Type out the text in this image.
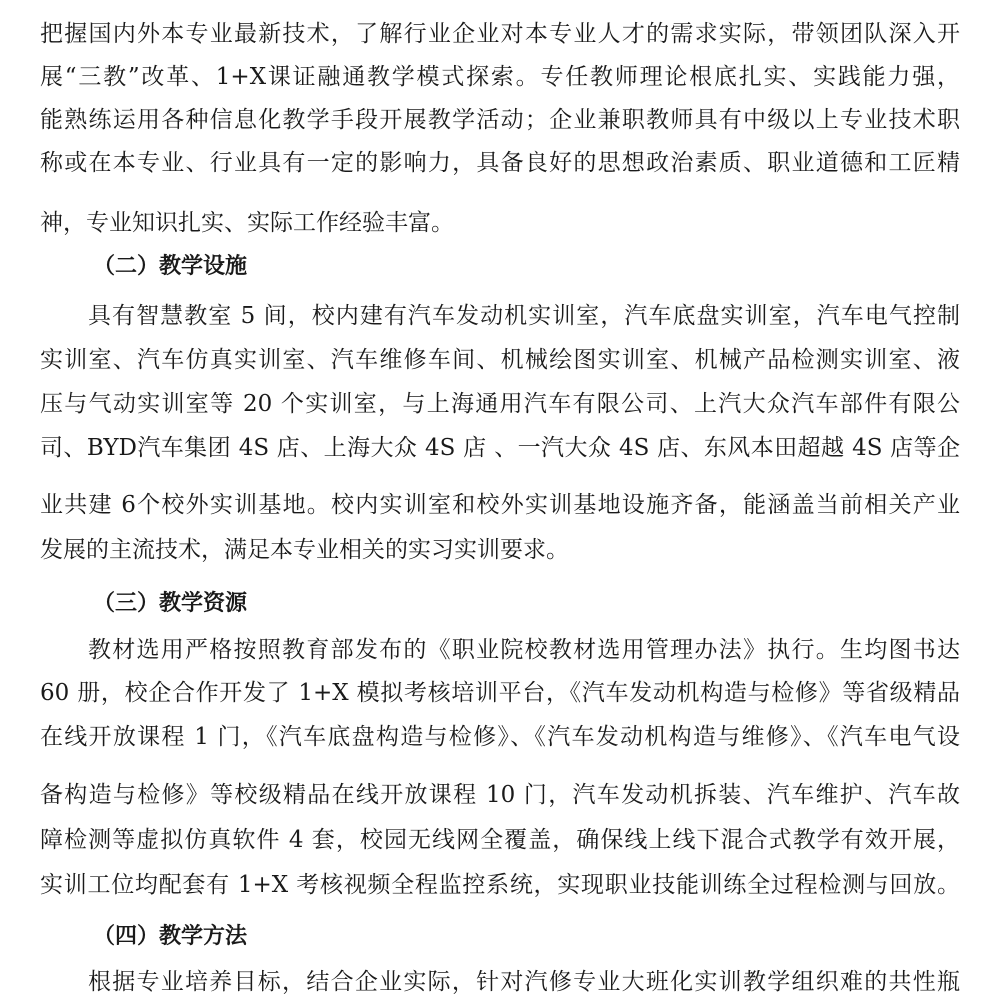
把握国内外本专业最新技术，了解行业企业对本专业人才的需求实际，带领团队深入开
展“三教”改革、1+X课证融通教学模式探索。专任教师理论根底扎实、实践能力强，
能熟练运用各种信息化教学手段开展教学活动；企业兼职教师具有中级以上专业技术职
称或在本专业、行业具有一定的影响力，具备良好的思想政治素质、职业道德和工匠精
神，专业知识扎实、实际工作经验丰富。
（二）教学设施
具有智慧教室 5 间，校内建有汽车发动机实训室，汽车底盘实训室，汽车电气控制
实训室、汽车仿真实训室、汽车维修车间、机械绘图实训室、机械产品检测实训室、液
压与气动实训室等 20 个实训室，与上海通用汽车有限公司、上汽大众汽车部件有限公
司、BYD汽车集团 4S 店、上海大众 4S 店 、一汽大众 4S 店、东风本田超越 4S 店等企
业共建 6个校外实训基地。校内实训室和校外实训基地设施齐备，能涵盖当前相关产业
发展的主流技术，满足本专业相关的实习实训要求。
（三）教学资源
教材选用严格按照教育部发布的《职业院校教材选用管理办法》执行。生均图书达
60 册，校企合作开发了 1+X 模拟考核培训平台，《汽车发动机构造与检修》等省级精品
在线开放课程 1 门，《汽车底盘构造与检修》、《汽车发动机构造与维修》、《汽车电气设
备构造与检修》等校级精品在线开放课程 10 门，汽车发动机拆装、汽车维护、汽车故
障检测等虚拟仿真软件 4 套，校园无线网全覆盖，确保线上线下混合式教学有效开展，
实训工位均配套有 1+X 考核视频全程监控系统，实现职业技能训练全过程检测与回放。
（四）教学方法
根据专业培养目标，结合企业实际，针对汽修专业大班化实训教学组织难的共性瓶
